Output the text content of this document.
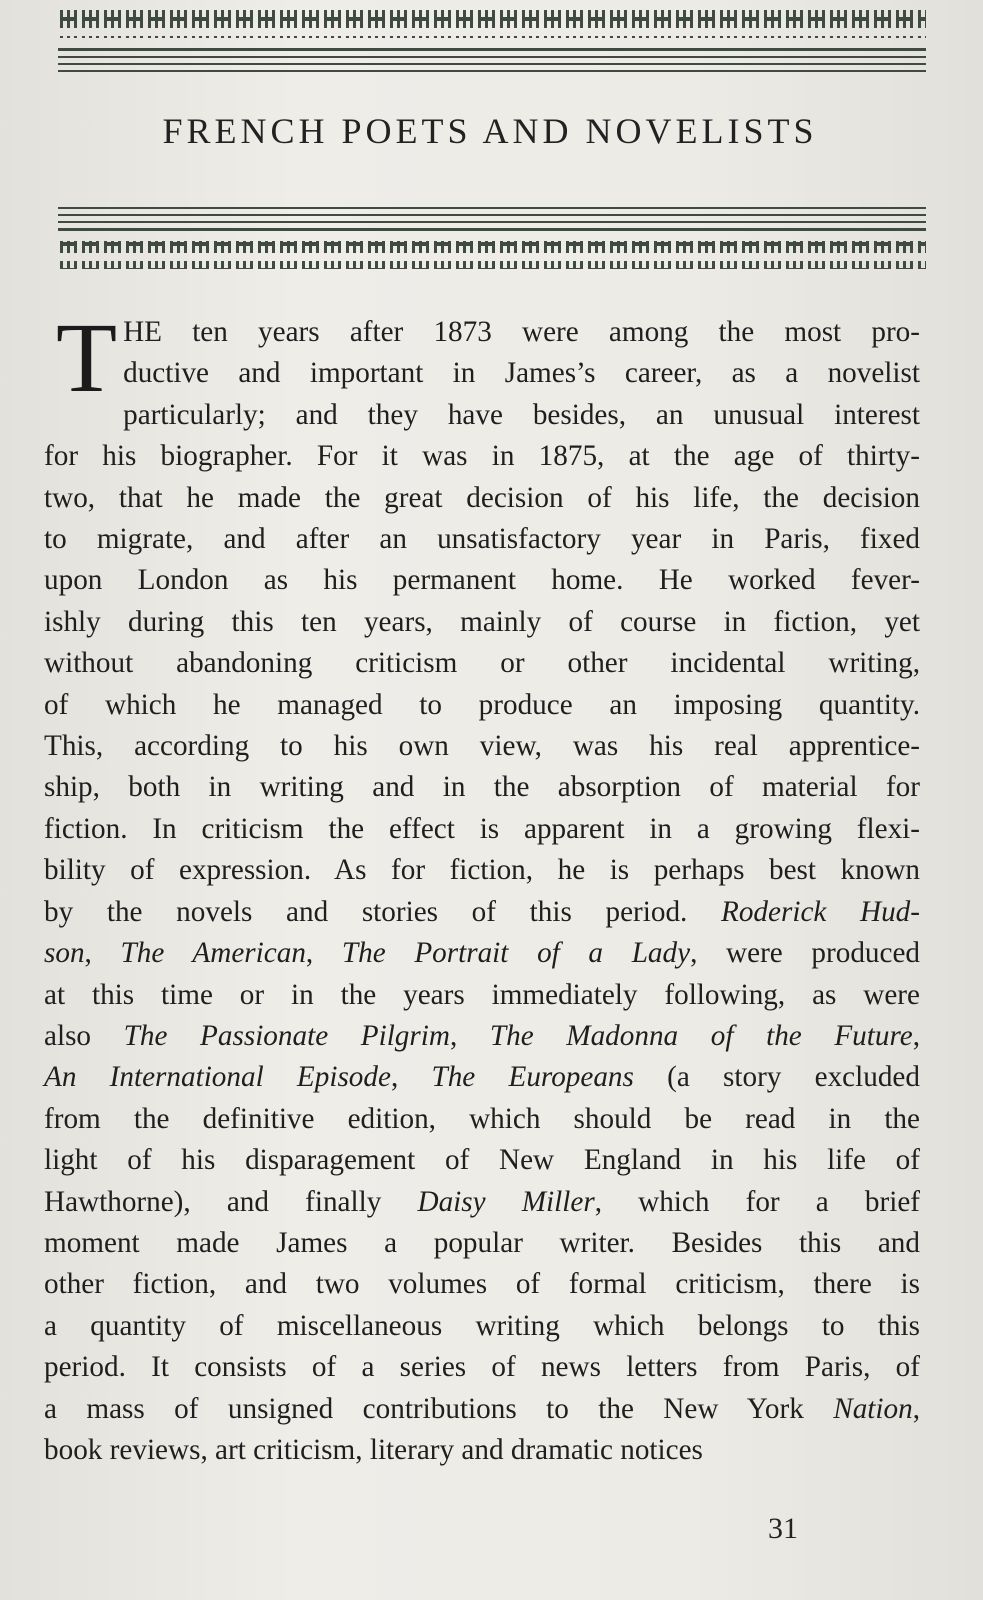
FRENCH POETS AND NOVELISTS
T HE ten years after 1873 were among the most pro-
ductive and important in James’s career, as a novelist
particularly; and they have besides, an unusual interest
for his biographer. For it was in 1875, at the age of thirty-
two, that he made the great decision of his life, the decision
to migrate, and after an unsatisfactory year in Paris, fixed
upon London as his permanent home. He worked fever-
ishly during this ten years, mainly of course in fiction, yet
without abandoning criticism or other incidental writing,
of which he managed to produce an imposing quantity.
This, according to his own view, was his real apprentice-
ship, both in writing and in the absorption of material for
fiction. In criticism the effect is apparent in a growing flexi-
bility of expression. As for fiction, he is perhaps best known
by the novels and stories of this period. Roderick Hud-
son, The American, The Portrait of a Lady, were produced
at this time or in the years immediately following, as were
also The Passionate Pilgrim, The Madonna of the Future,
An International Episode, The Europeans (a story excluded
from the definitive edition, which should be read in the
light of his disparagement of New England in his life of
Hawthorne), and finally Daisy Miller, which for a brief
moment made James a popular writer. Besides this and
other fiction, and two volumes of formal criticism, there is
a quantity of miscellaneous writing which belongs to this
period. It consists of a series of news letters from Paris, of
a mass of unsigned contributions to the New York Nation,
book reviews, art criticism, literary and dramatic notices
31
